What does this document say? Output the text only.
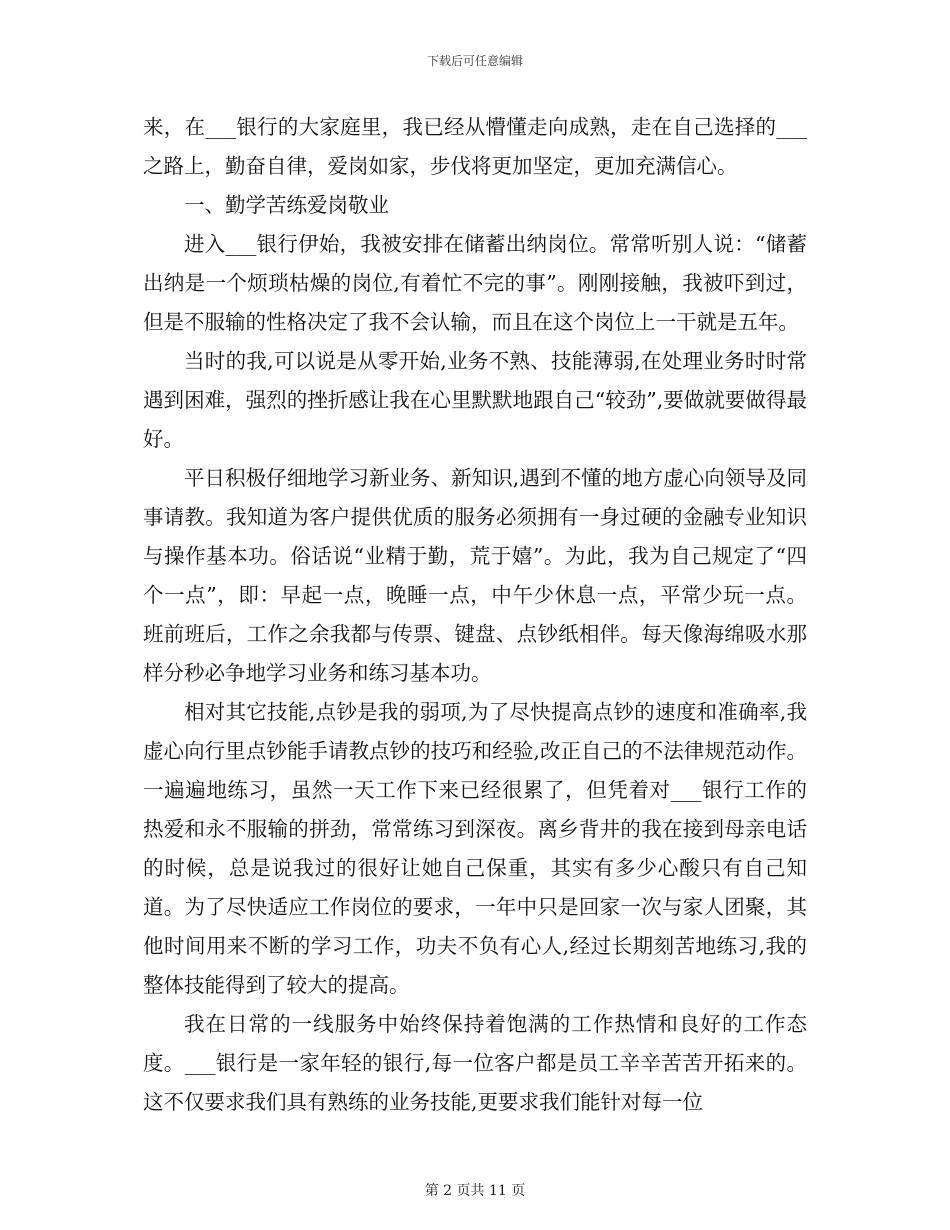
下载后可任意编辑

来，在___银行的大家庭里，我已经从懵懂走向成熟，走在自己选择的___之路上，勤奋自律，爱岗如家，步伐将更加坚定，更加充满信心。

一、勤学苦练爱岗敬业

进入___银行伊始，我被安排在储蓄出纳岗位。常常听别人说：“储蓄出纳是一个烦琐枯燥的岗位,有着忙不完的事”。刚刚接触，我被吓到过，但是不服输的性格决定了我不会认输，而且在这个岗位上一干就是五年。

当时的我,可以说是从零开始,业务不熟、技能薄弱,在处理业务时时常遇到困难，强烈的挫折感让我在心里默默地跟自己“较劲”,要做就要做得最好。

平日积极仔细地学习新业务、新知识,遇到不懂的地方虚心向领导及同事请教。我知道为客户提供优质的服务必须拥有一身过硬的金融专业知识与操作基本功。俗话说“业精于勤，荒于嬉”。为此，我为自己规定了“四个一点”，即：早起一点，晚睡一点，中午少休息一点，平常少玩一点。班前班后，工作之余我都与传票、键盘、点钞纸相伴。每天像海绵吸水那样分秒必争地学习业务和练习基本功。

相对其它技能,点钞是我的弱项,为了尽快提高点钞的速度和准确率,我虚心向行里点钞能手请教点钞的技巧和经验,改正自己的不法律规范动作。一遍遍地练习，虽然一天工作下来已经很累了，但凭着对___银行工作的热爱和永不服输的拼劲，常常练习到深夜。离乡背井的我在接到母亲电话的时候，总是说我过的很好让她自己保重，其实有多少心酸只有自己知道。为了尽快适应工作岗位的要求，一年中只是回家一次与家人团聚，其他时间用来不断的学习工作，功夫不负有心人,经过长期刻苦地练习,我的整体技能得到了较大的提高。

我在日常的一线服务中始终保持着饱满的工作热情和良好的工作态度。___银行是一家年轻的银行,每一位客户都是员工辛辛苦苦开拓来的。这不仅要求我们具有熟练的业务技能,更要求我们能针对每一位

第 2 页共 11 页
